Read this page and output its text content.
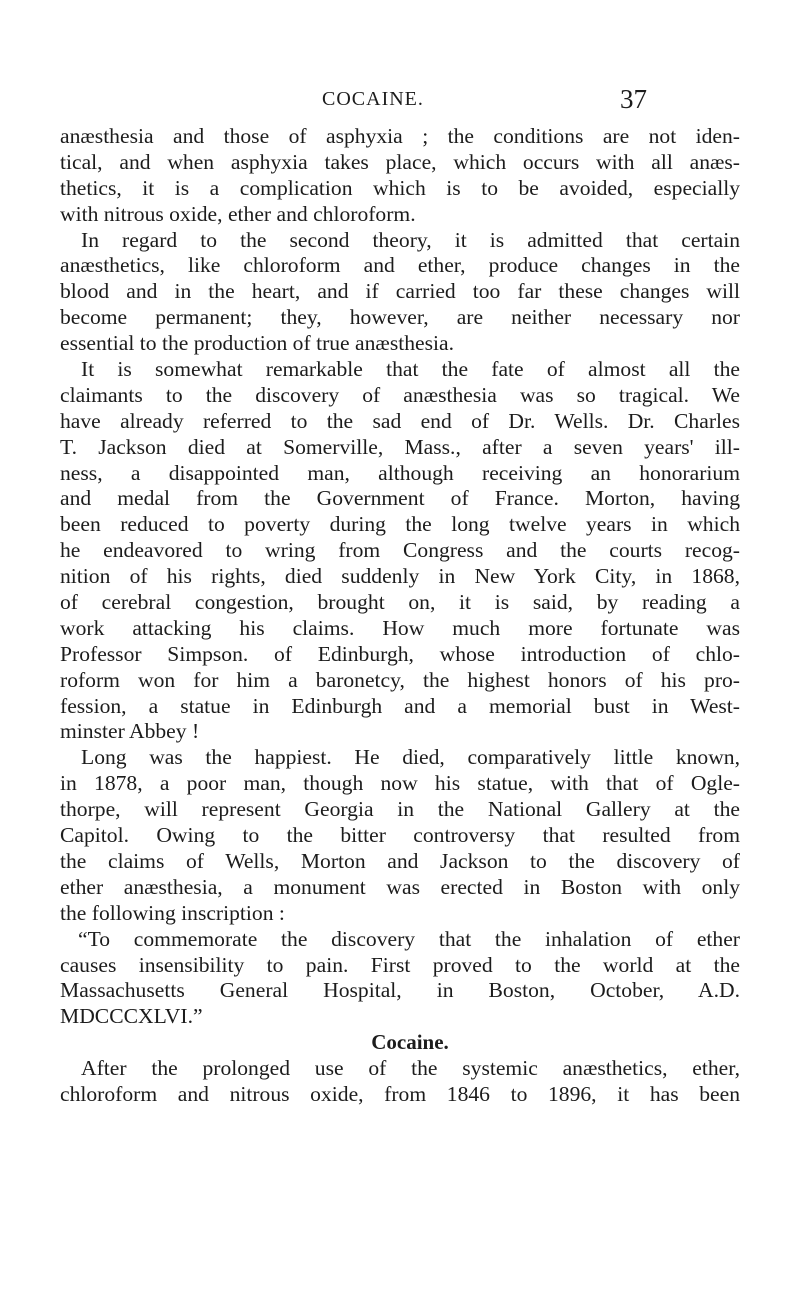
COCAINE.	37
anæsthesia and those of asphyxia ; the conditions are not iden-
tical, and when asphyxia takes place, which occurs with all anæs-
thetics, it is a complication which is to be avoided, especially
with nitrous oxide, ether and chloroform.
In regard to the second theory, it is admitted that certain
anæsthetics, like chloroform and ether, produce changes in the
blood and in the heart, and if carried too far these changes will
become permanent; they, however, are neither necessary nor
essential to the production of true anæsthesia.
It is somewhat remarkable that the fate of almost all the
claimants to the discovery of anæsthesia was so tragical. We
have already referred to the sad end of Dr. Wells. Dr. Charles
T. Jackson died at Somerville, Mass., after a seven years' ill-
ness, a disappointed man, although receiving an honorarium
and medal from the Government of France. Morton, having
been reduced to poverty during the long twelve years in which
he endeavored to wring from Congress and the courts recog-
nition of his rights, died suddenly in New York City, in 1868,
of cerebral congestion, brought on, it is said, by reading a
work attacking his claims. How much more fortunate was
Professor Simpson. of Edinburgh, whose introduction of chlo-
roform won for him a baronetcy, the highest honors of his pro-
fession, a statue in Edinburgh and a memorial bust in West-
minster Abbey !
Long was the happiest. He died, comparatively little known,
in 1878, a poor man, though now his statue, with that of Ogle-
thorpe, will represent Georgia in the National Gallery at the
Capitol. Owing to the bitter controversy that resulted from
the claims of Wells, Morton and Jackson to the discovery of
ether anæsthesia, a monument was erected in Boston with only
the following inscription :
“To commemorate the discovery that the inhalation of ether
causes insensibility to pain. First proved to the world at the
Massachusetts General Hospital, in Boston, October, A.D.
MDCCCXLVI.”
Cocaine.
After the prolonged use of the systemic anæsthetics, ether,
chloroform and nitrous oxide, from 1846 to 1896, it has been
